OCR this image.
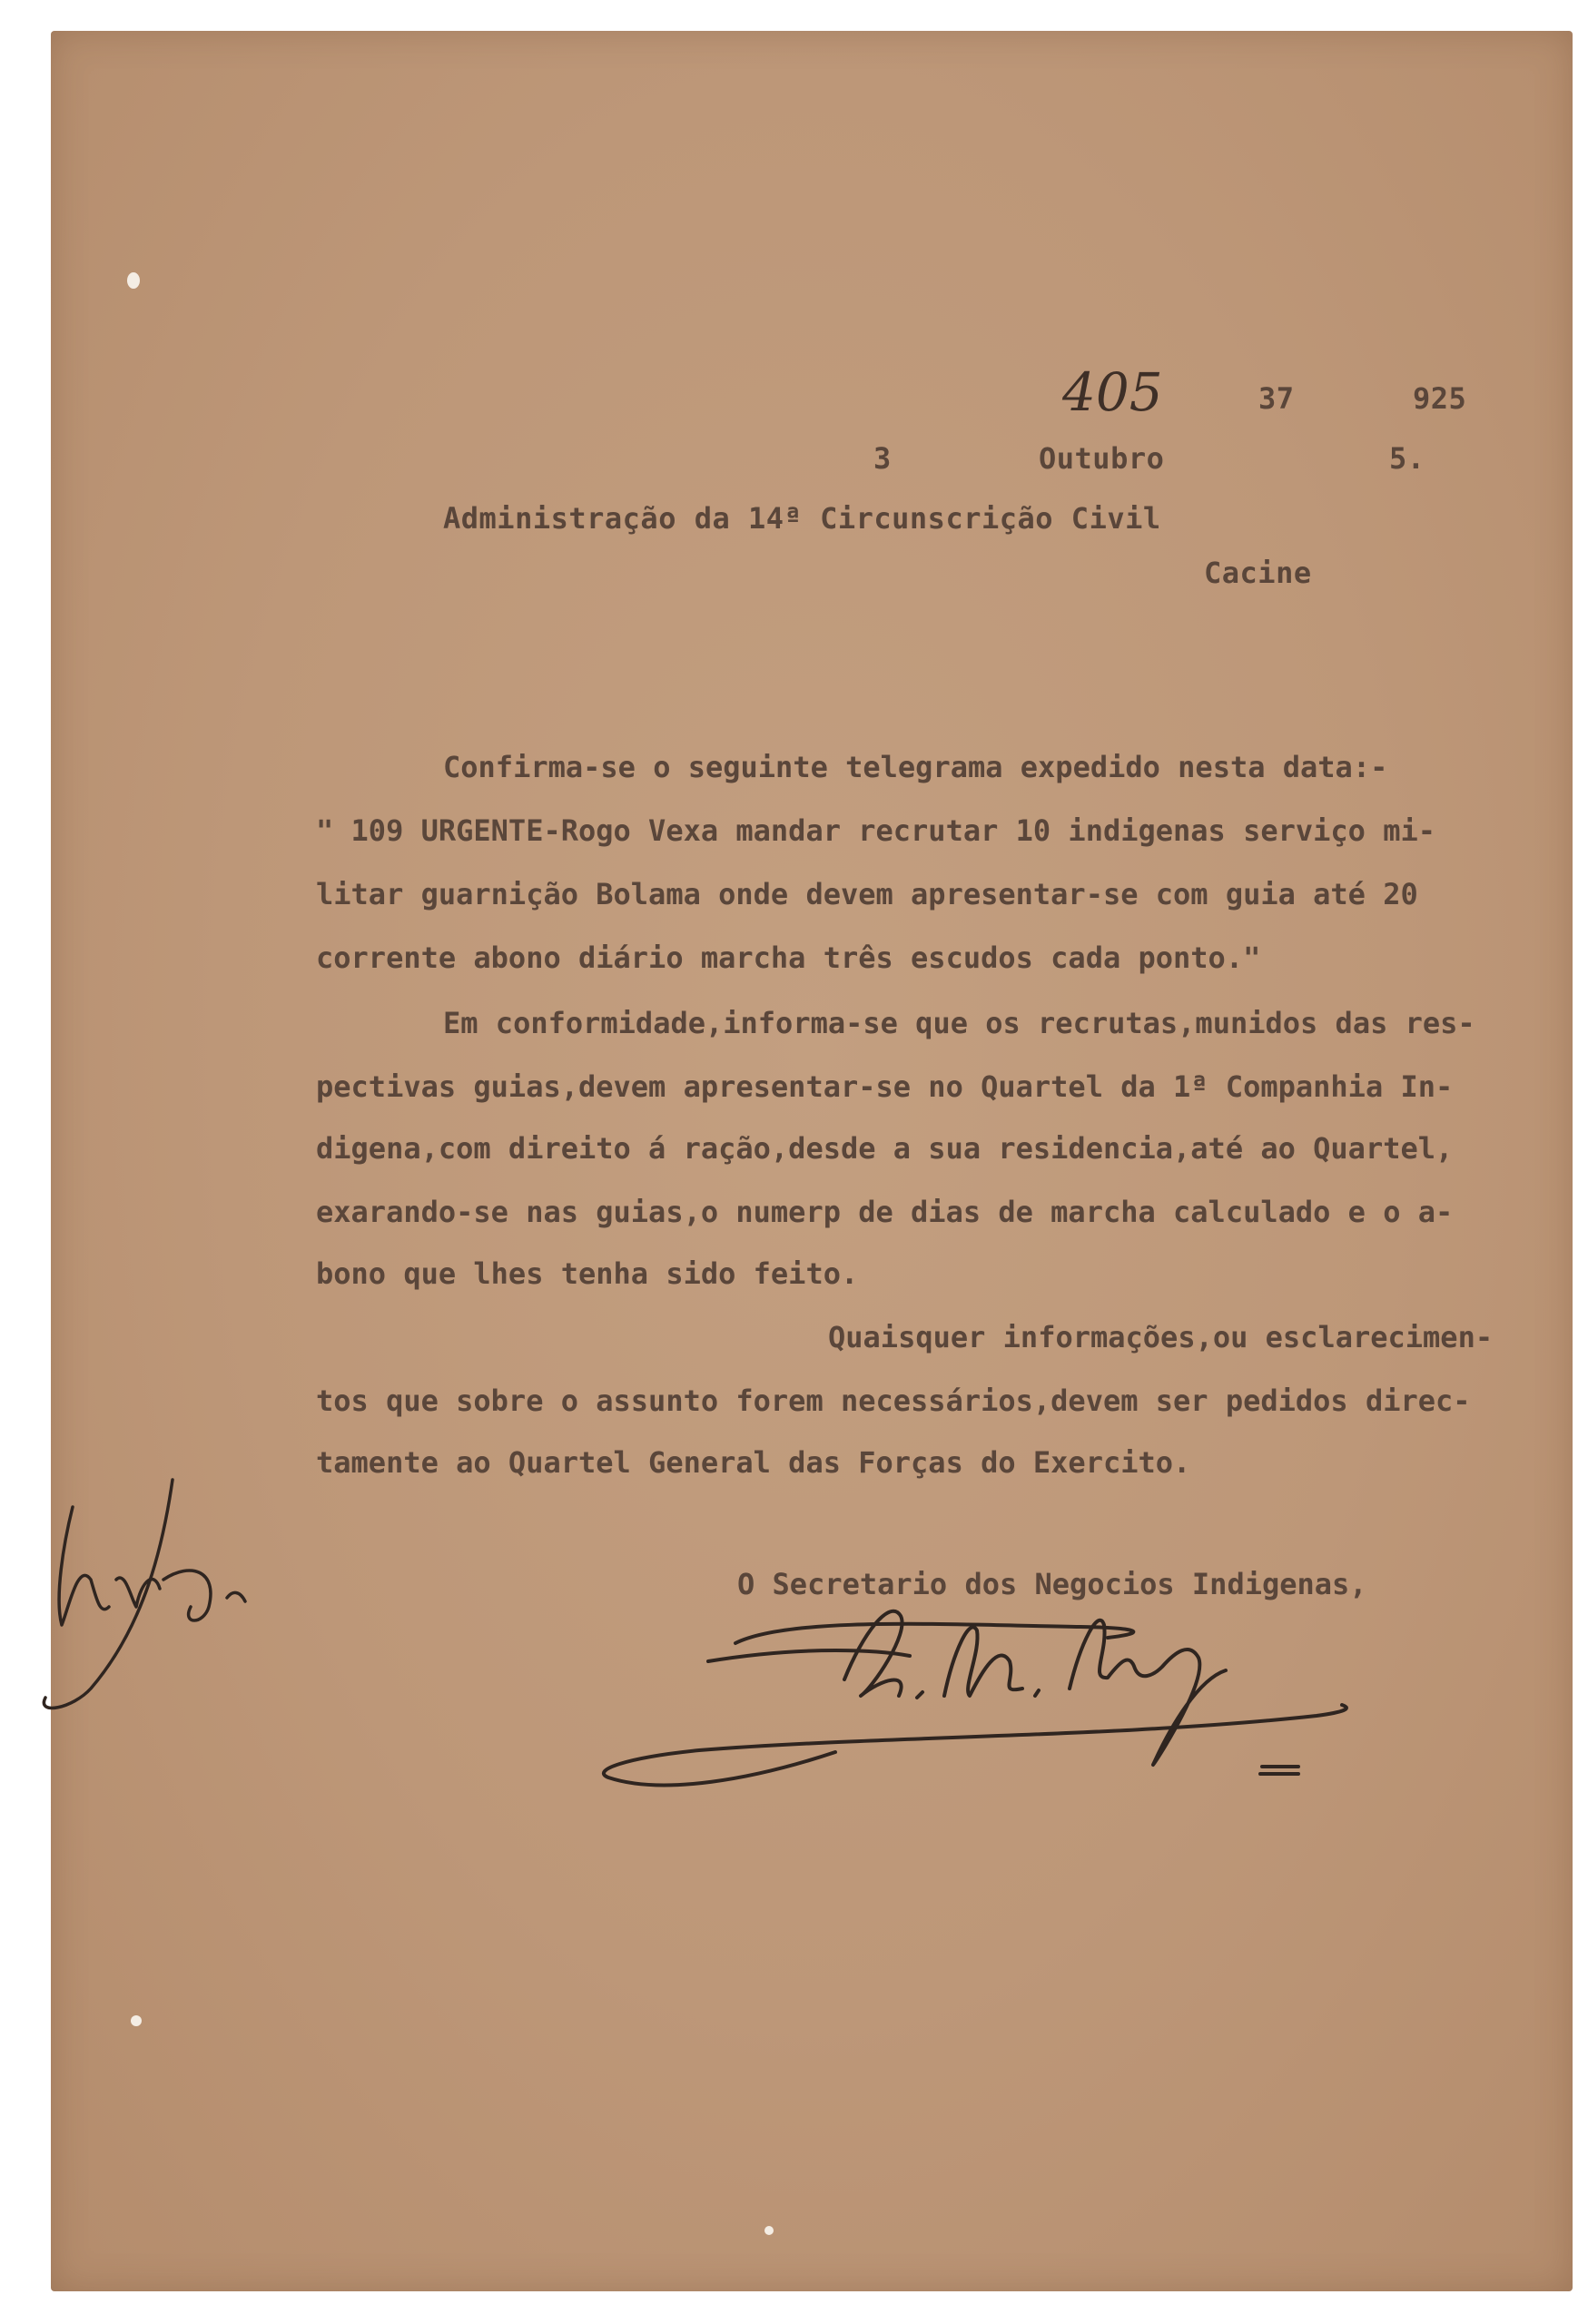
405	37	925
3	Outubro	5.
Administração da 14ª Circunscrição Civil
Cacine
Confirma-se o seguinte telegrama expedido nesta data:-
" 109 URGENTE-Rogo Vexa mandar recrutar 10 indigenas serviço mi-
litar guarnição Bolama onde devem apresentar-se com guia até 20
corrente abono diário marcha três escudos cada ponto."
Em conformidade,informa-se que os recrutas,munidos das res-
pectivas guias,devem apresentar-se no Quartel da 1ª Companhia In-
digena,com direito á ração,desde a sua residencia,até ao Quartel,
exarando-se nas guias,o numerp de dias de marcha calculado e o a-
bono que lhes tenha sido feito.
Quaisquer informações,ou esclarecimen-
tos que sobre o assunto forem necessários,devem ser pedidos direc-
tamente ao Quartel General das Forças do Exercito.
O Secretario dos Negocios Indigenas,
